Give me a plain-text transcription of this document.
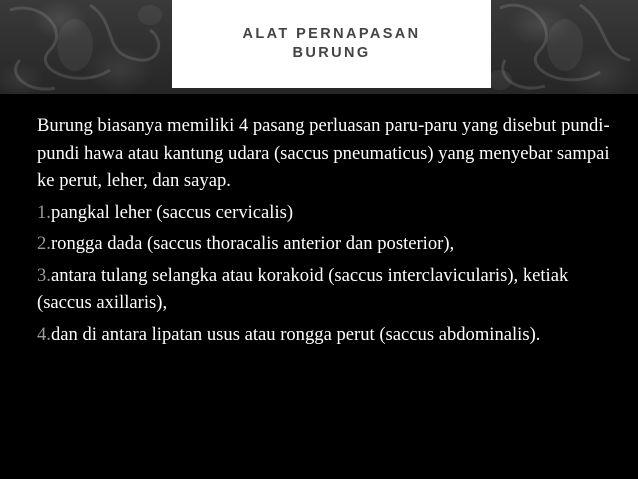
ALAT PERNAPASAN
BURUNG

Burung biasanya memiliki 4 pasang perluasan paru-paru yang disebut pundi-pundi hawa atau kantung udara (saccus pneumaticus) yang menyebar sampai ke perut, leher, dan sayap.

1.pangkal leher (saccus cervicalis)

2.rongga dada (saccus thoracalis anterior dan posterior),

3.antara tulang selangka atau korakoid (saccus interclavicularis), ketiak (saccus axillaris),

4.dan di antara lipatan usus atau rongga perut (saccus abdominalis).
